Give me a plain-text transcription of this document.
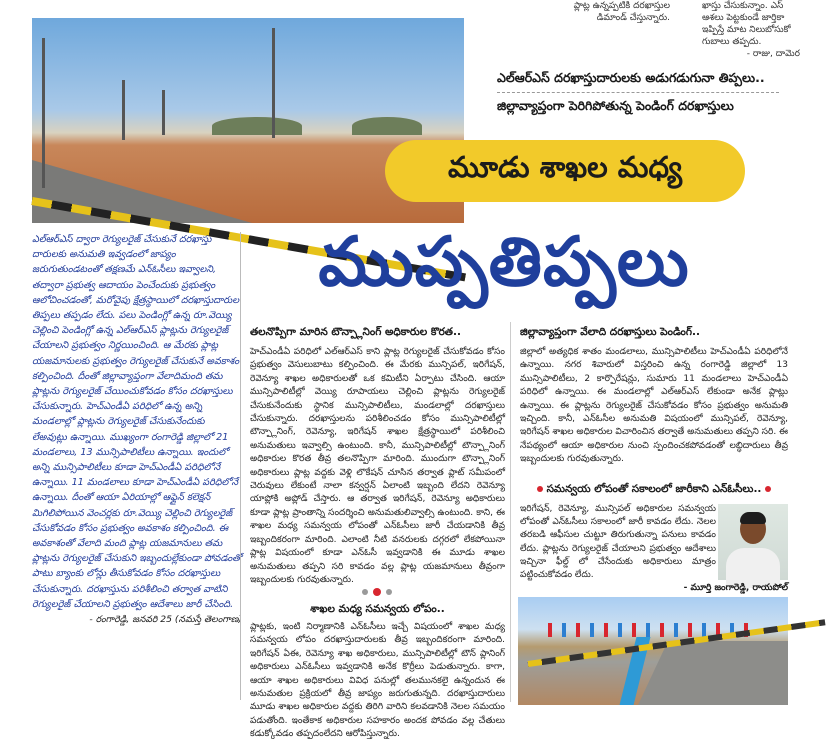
ప్లాట్ల ఉన్నప్పటికి దరఖాస్తుల
డిమాండ్ చేస్తున్నారు.
ఖాస్తు చేసుకున్నాం. ఎస్
ఆశలు పెట్టకుండే జార్తికా
ఇప్పిస్తే మాట నిలుబోసుకో
గుబాలు తప్పదు.
- రాజు, దామెర
ఎల్ఆర్ఎస్ దరఖాస్తుదారులకు అడుగడుగునా తిప్పలు..
జిల్లావ్యాప్తంగా పెరిగిపోతున్న పెండింగ్ దరఖాస్తులు
మూడు శాఖల మధ్య
ముప్పతిప్పలు

ఎల్ఆర్ఎస్ ద్వారా రెగ్యులరైజ్ చేసుకునే దరఖాస్తు దారులకు అనుమతి ఇవ్వడంలో జాప్యం జరుగుతుండటంతో తక్షణమే ఎన్ఓసీలు ఇవ్వాలని, తద్వారా ప్రభుత్వ ఆదాయం పెంచేందుకు ప్రభుత్వం ఆలోచించడంతో, మరోవైపు క్షేత్రస్థాయిలో దరఖాస్తుదారుల తిప్పలు తప్పడం లేదు. పలు పెండింగ్లో ఉన్న రూ.వెయ్యి చెల్లించి పెండింగ్లో ఉన్న ఎల్ఆర్ఎస్ ప్లాట్లను రెగ్యులరైజ్ చేయాలని ప్రభుత్వం నిర్ణయించింది. ఆ మేరకు ప్లాట్ల యజమానులకు ప్రభుత్వం రెగ్యులరైజ్ చేసుకునే అవకాశం కల్పించింది. దీంతో జిల్లావ్యాప్తంగా వేలాదిమంది తమ ప్లాట్లను రెగ్యులరైజ్ చేయించుకోవడం కోసం దరఖాస్తులు చేసుకున్నారు. హెచ్ఎండీఏ పరిధిలో ఉన్న అన్ని మండలాల్లో ప్లాట్లను రెగ్యులరైజ్ చేసుకునేందుకు లేఅవుట్లు ఉన్నాయి. ముఖ్యంగా రంగారెడ్డి జిల్లాలో 21 మండలాలు, 13 మున్సిపాలిటీలు ఉన్నాయి. ఇందులో అన్ని మున్సిపాలిటీలు కూడా హెచ్ఎండీఏ పరిధిలోనే ఉన్నాయి. 11 మండలాలు కూడా హెచ్ఎండీఏ పరిధిలోనే ఉన్నాయి. దీంతో ఆయా ఏరియాల్లో ఆఫ్లైన్ కలెక్షన్ మిగిలిపోయిన వెంచర్లకు రూ.వెయ్యి చెల్లించి రెగ్యులరైజ్ చేసుకోవడం కోసం ప్రభుత్వం అవకాశం కల్పించింది. ఈ అవకాశంతో వేలాది మంది ప్లాట్ల యజమానులు తమ ప్లాట్లను రెగ్యులరైజ్ చేసుకుని ఇబ్బందుల్లేకుండా పోవడంతో పాటు బ్యాంకు లోన్లు తీసుకోవడం కోసం దరఖాస్తులు చేసుకున్నారు. దరఖాస్తును పరిశీలించి తర్వాత వాటిని రెగ్యులరైజ్ చేయాలని ప్రభుత్వం ఆదేశాలు జారీ చేసింది.

- రంగారెడ్డి, జనవరి 25 (నమస్తే తెలంగాణ)
తలనొప్పిగా మారిన టౌన్ప్లానింగ్ అధికారుల కొరత..
హెచ్ఎండీఏ పరిధిలో ఎల్ఆర్ఎస్ కాని ప్లాట్ల రెగ్యులరైజ్ చేసుకోవడం కోసం ప్రభుత్వం వెసులుబాటు కల్పించింది. ఈ మేరకు మున్సిపల్, ఇరిగేషన్, రెవెన్యూ శాఖల అధికారులతో ఒక కమిటీని ఏర్పాటు చేసింది. ఆయా మున్సిపాలిటీల్లో వెయ్యి రూపాయలు చెల్లించి ప్లాట్లను రెగ్యులరైజ్ చేసుకునేందుకు స్థానిక మున్సిపాలిటీలు, మండలాల్లో దరఖాస్తులు చేసుకున్నారు. దరఖాస్తులను పరిశీలించడం కోసం మున్సిపాలిటీల్లో టౌన్ప్లానింగ్, రెవెన్యూ, ఇరిగేషన్ శాఖల క్షేత్రస్థాయిలో పరిశీలించి అనుమతులు ఇవ్వాల్సి ఉంటుంది. కానీ, మున్సిపాలిటీల్లో టౌన్ప్లానింగ్ అధికారుల కొరత తీవ్ర తలనొప్పిగా మారింది. ముందుగా టౌన్ప్లానింగ్ అధికారులు ప్లాట్ల వద్దకు వెళ్లి లొకేషన్ చూసిన తర్వాత ప్లాట్ సమీపంలో చెరువులు లేకుంటే నాలా కన్వర్షన్ ఏలాంటి ఇబ్బంది లేదని రెవెన్యూ యాప్లోకి అప్లోడ్ చేస్తారు. ఆ తర్వాత ఇరిగేషన్, రెవెన్యూ అధికారులు కూడా ప్లాట్ల ప్రాంతాన్ని సందర్శించి అనుమతులివ్వాల్సి ఉంటుంది. కాని, ఈ శాఖల మధ్య సమన్వయ లోపంతో ఎన్ఓసీలు జారీ చేయడానికి తీవ్ర ఇబ్బందికరంగా మారింది. ఎలాంటి నీటి వనరులకు దగ్గరలో లేకపోయినా ప్లాట్ల విషయంలో కూడా ఎన్ఓసీ ఇవ్వడానికి ఈ మూడు శాఖల అనుమతులు తప్పని సరి కావడం వల్ల ప్లాట్ల యజమానులు తీవ్రంగా ఇబ్బందులకు గురవుతున్నారు.
శాఖల మధ్య సమన్వయ లోపం..
ప్లాట్లకు, ఇంటి నిర్మాణానికి ఎన్ఓసీలు ఇచ్చే విషయంలో శాఖల మధ్య సమన్వయ లోపం దరఖాస్తుదారులకు తీవ్ర ఇబ్బందికరంగా మారింది. ఇరిగేషన్ ఏఈ, రెవెన్యూ శాఖ అధికారులు, మున్సిపాలిటీల్లో టౌన్ ప్లానింగ్ అధికారులు ఎన్ఓసీలు ఇవ్వడానికి అనేక కొర్రీలు పెడుతున్నారు. కాగా, ఆయా శాఖల అధికారులు వివిధ పనుల్లో తలమునకలై ఉన్నందున ఈ అనుమతుల ప్రక్రియలో తీవ్ర జాప్యం జరుగుతున్నది. దరఖాస్తుదారులు మూడు శాఖల అధికారుల వద్దకు తిరిగి వారిని కలవడానికి నెలల సమయం పడుతోంది. ఇంతేకాక అధికారుల సహకారం అందక పోవడం వల్ల చేతులు కడుక్కోవడం తప్పదంలేదని ఆరోపిస్తున్నారు.
జిల్లావ్యాప్తంగా వేలాది దరఖాస్తులు పెండింగ్..
జిల్లాలో అత్యధిక శాతం మండలాలు, మున్సిపాలిటీలు హెచ్ఎండీఏ పరిధిలోనే ఉన్నాయి. నగర శివారులో విస్తరించి ఉన్న రంగారెడ్డి జిల్లాలో 13 మున్సిపాలిటీలు, 2 కార్పొరేషన్లు, సుమారు 11 మండలాలు హెచ్ఎండీఏ పరిధిలో ఉన్నాయి. ఈ మండలాల్లో ఎల్ఆర్ఎస్ లేకుండా అనేక ప్లాట్లు ఉన్నాయి. ఈ ప్లాట్లను రెగ్యులరైజ్ చేసుకోవడం కోసం ప్రభుత్వం అనుమతి ఇచ్చింది. కానీ, ఎన్ఓసీల అనుమతి విషయంలో మున్సిపల్, రెవెన్యూ, ఇరిగేషన్ శాఖల అధికారుల విచారించిన తర్వాతే అనుమతులు తప్పని సరి. ఈ నేపథ్యంలో ఆయా అధికారుల నుంచి స్పందించకపోవడంతో లబ్ధిదారులు తీవ్ర ఇబ్బందులకు గురవుతున్నారు.
సమన్వయ లోపంతో సకాలంలో జారీకాని ఎన్ఓసీలు..
ఇరిగేషన్, రెవెన్యూ, మున్సిపల్ అధికారుల సమన్వయ లోపంతో ఎన్ఓసీలు సకాలంలో జారీ కావడం లేదు. నెలల తరబడి ఆఫీసుల చుట్టూ తిరుగుతున్నా పనులు కావడం లేదు. ప్లాట్లను రెగ్యులరైజ్ చేయాలని ప్రభుత్వం ఆదేశాలు ఇచ్చినా ఫీల్డ్ లో చేసేందుకు అధికారులు మాత్రం పట్టించుకోవడం లేదు.
- మూర్తి జంగారెడ్డి, రాయపోల్
